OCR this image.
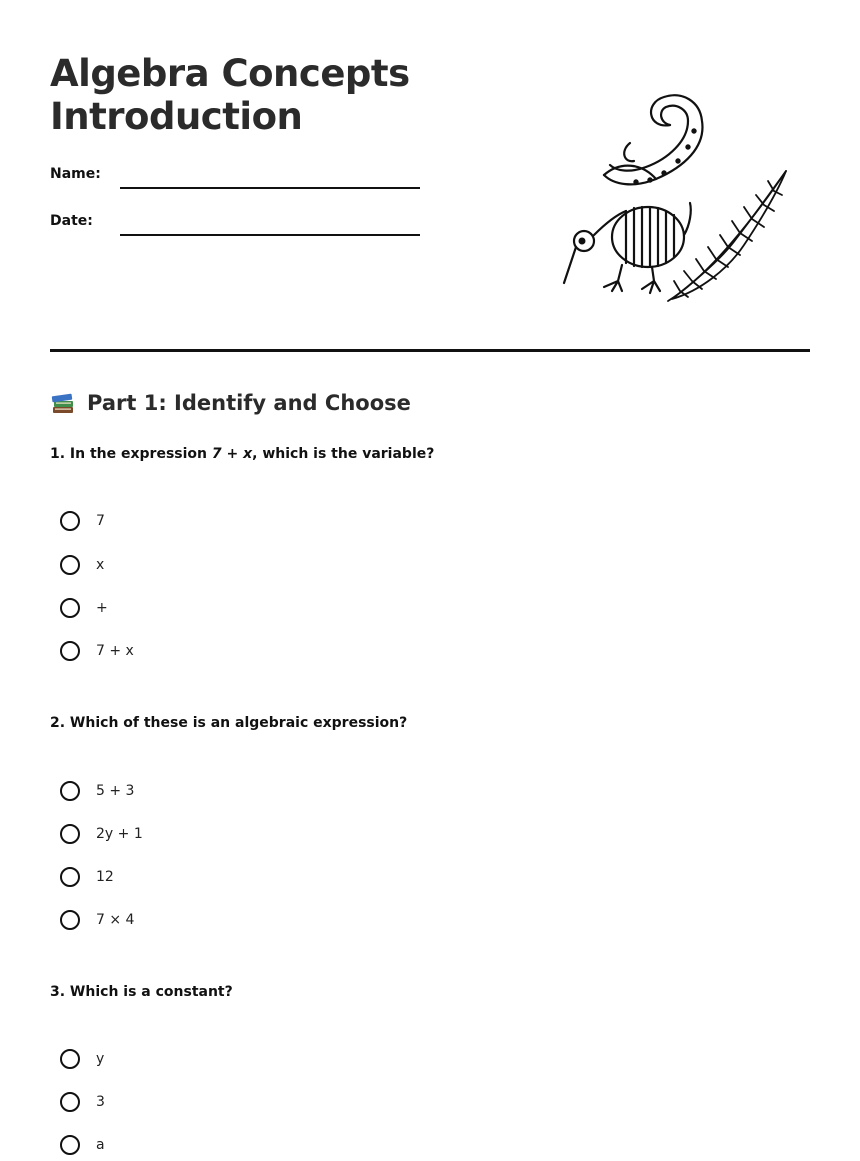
Algebra Concepts
Introduction
Name:
Date:
Part 1: Identify and Choose
1. In the expression 7 + x, which is the variable?
7
x
+
7 + x
2. Which of these is an algebraic expression?
5 + 3
2y + 1
12
7 × 4
3. Which is a constant?
y
3
a
